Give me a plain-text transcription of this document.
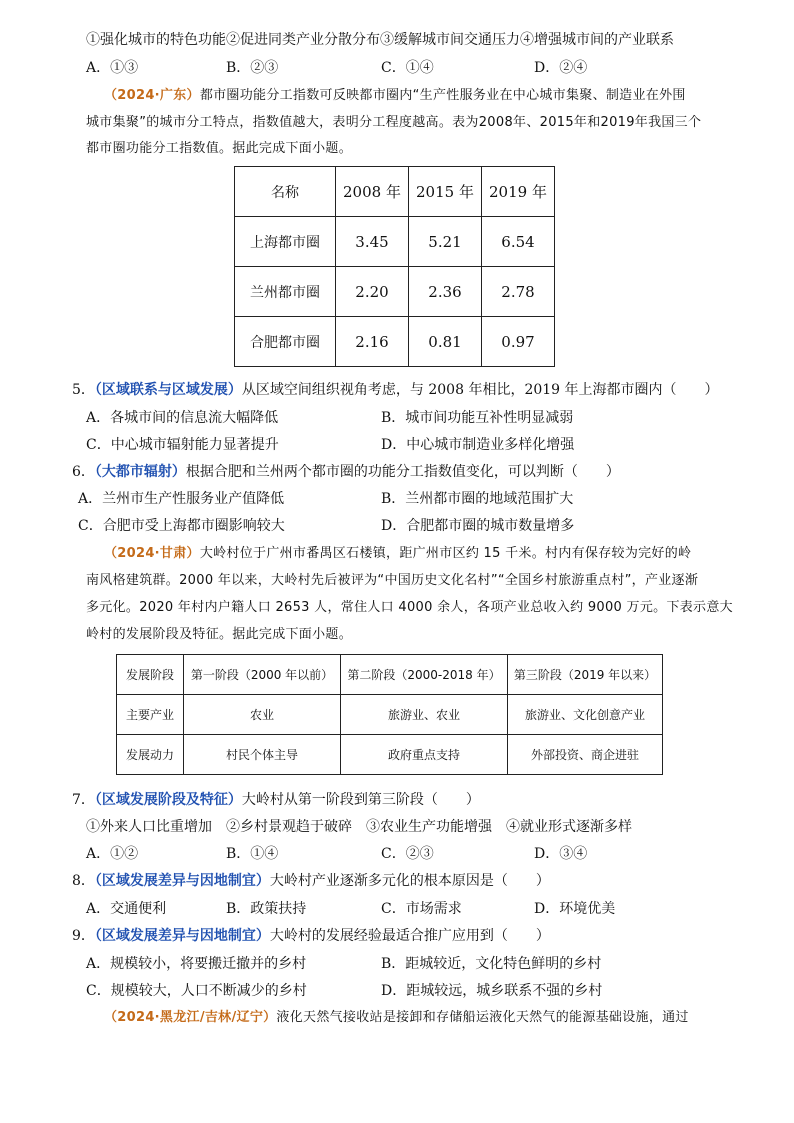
①强化城市的特色功能②促进同类产业分散分布③缓解城市间交通压力④增强城市间的产业联系
A．①③	B．②③	C．①④	D．②④
（2024·广东）都市圈功能分工指数可反映都市圈内“生产性服务业在中心城市集聚、制造业在外围
城市集聚”的城市分工特点，指数值越大，表明分工程度越高。表为2008年、2015年和2019年我国三个
都市圈功能分工指数值。据此完成下面小题。
名称	2008 年	2015 年	2019 年
上海都市圈	3.45	5.21	6.54
兰州都市圈	2.20	2.36	2.78
合肥都市圈	2.16	0.81	0.97
5．（区域联系与区域发展）从区域空间组织视角考虑，与 2008 年相比，2019 年上海都市圈内（　　）
A．各城市间的信息流大幅降低	B．城市间功能互补性明显减弱
C．中心城市辐射能力显著提升	D．中心城市制造业多样化增强
6．（大都市辐射）根据合肥和兰州两个都市圈的功能分工指数值变化，可以判断（　　）
A．兰州市生产性服务业产值降低	B．兰州都市圈的地域范围扩大
C．合肥市受上海都市圈影响较大	D．合肥都市圈的城市数量增多
（2024·甘肃）大岭村位于广州市番禺区石楼镇，距广州市区约 15 千米。村内有保存较为完好的岭
南风格建筑群。2000 年以来，大岭村先后被评为“中国历史文化名村”“全国乡村旅游重点村”，产业逐渐
多元化。2020 年村内户籍人口 2653 人，常住人口 4000 余人，各项产业总收入约 9000 万元。下表示意大
岭村的发展阶段及特征。据此完成下面小题。
发展阶段	第一阶段（2000 年以前）	第二阶段（2000-2018 年）	第三阶段（2019 年以来）
主要产业	农业	旅游业、农业	旅游业、文化创意产业
发展动力	村民个体主导	政府重点支持	外部投资、商企进驻
7．（区域发展阶段及特征）大岭村从第一阶段到第三阶段（　　）
①外来人口比重增加　②乡村景观趋于破碎　③农业生产功能增强　④就业形式逐渐多样
A．①②	B．①④	C．②③	D．③④
8．（区域发展差异与因地制宜）大岭村产业逐渐多元化的根本原因是（　　）
A．交通便利	B．政策扶持	C．市场需求	D．环境优美
9．（区域发展差异与因地制宜）大岭村的发展经验最适合推广应用到（　　）
A．规模较小，将要搬迁撤并的乡村	B．距城较近，文化特色鲜明的乡村
C．规模较大，人口不断减少的乡村	D．距城较远，城乡联系不强的乡村
（2024·黑龙江/吉林/辽宁）液化天然气接收站是接卸和存储船运液化天然气的能源基础设施，通过
